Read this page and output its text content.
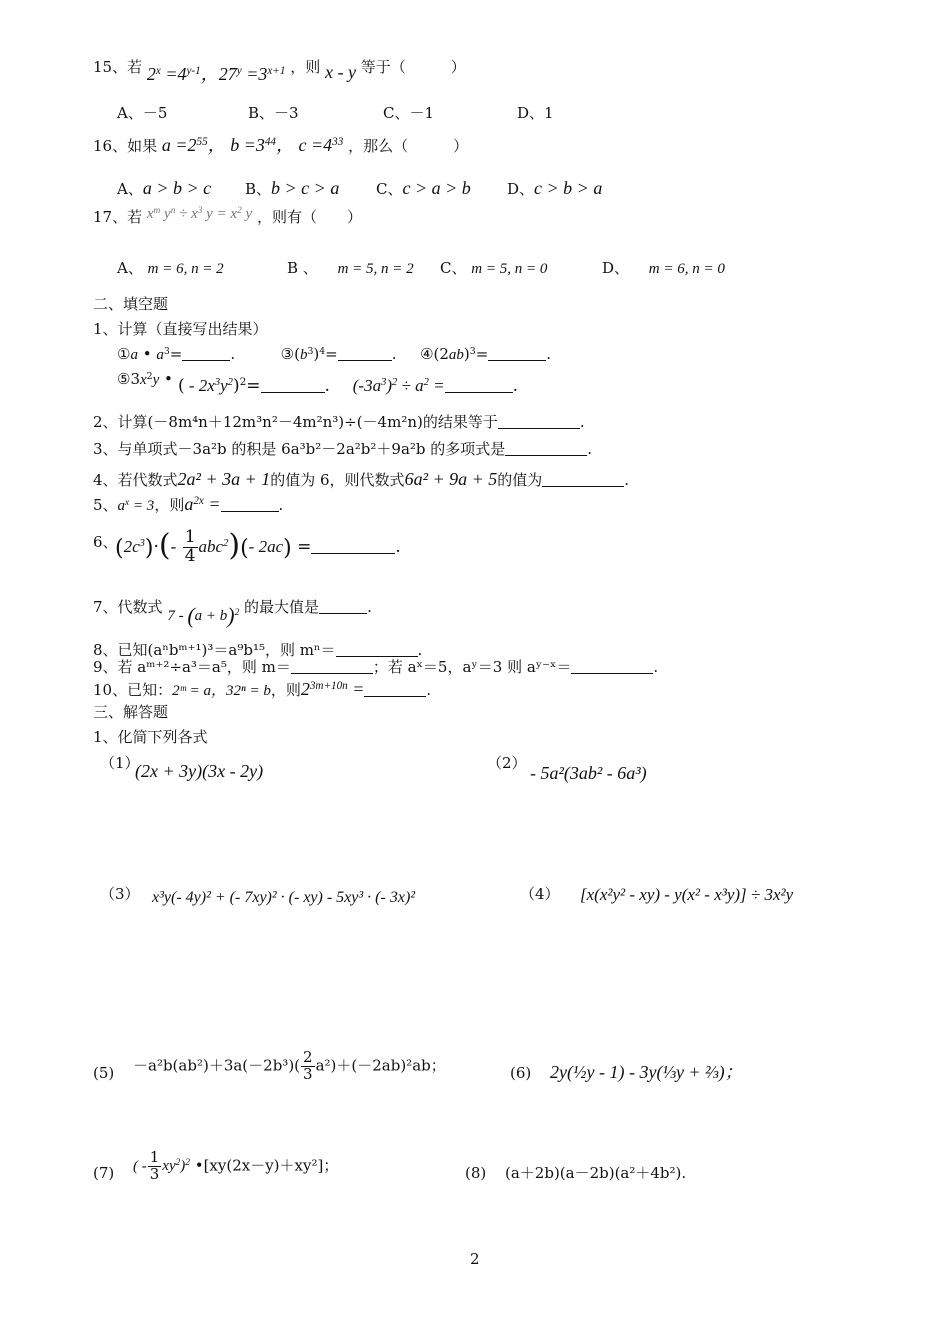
15、若 $2^x =4^{y-1}$，$27^y =3^{x+1}$ ，则 x - y 等于（　　　）
A、－5	B、－3	C、－1	D、1
16、如果 $a =2^{55}$， $b =3^{44}$， $c =4^{33}$ ，那么（　　　）
A、a > b > c B、b > c > a C、c > a > b D、c > b > a
17、若 $x^m$ $y^n \div x^3$ $y = x^2$ y ，则有（　　）
A、 m = 6, n = 2	B 、 　m = 5, n = 2 C、 m = 5, n = 0	D、 　m = 6, n = 0
二、填空题
1、计算（直接写出结果）
①a • $a^3=$	.  $③(b^3)^4=$	.  $④(2ab)^3=$	.
$⑤3x^2y$ • ( - $2x^3y^2)^2=$	.  $(-3a^3)^2 \div a^2$ =	.
2、计算(－8m⁴n＋12m³n²－4m²n³)÷(－4m²n)的结果等于	.
3、与单项式－3a²b 的积是 6a³b²－2a²b²＋9a²b 的多项式是	.
4、若代数式2a² + 3a + 1的值为 6，则代数式6a² + 9a + 5的值为	.
5、$a^x = 3$，则$a^{2x}$ =	.
6、
$(2c^3)\cdot(- \frac{1}{4} abc^2)(-$ 2ac) =	.
7、代数式 $7 - (a + b)^2$ 的最大值是	.
8、已知(aⁿbᵐ⁺¹)³＝a⁹b¹⁵，则 mⁿ＝	.
9、若 aᵐ⁺²÷a³＝a⁵，则 m＝	；若 aˣ＝5，aʸ＝3 则 aʸ⁻ˣ＝	.
10、已知：2ᵐ = a，32ⁿ = b，则$2^{3m+10n}$ =	.
三、解答题
1、化简下列各式
（1）
(2x + 3y)(3x - 2y)	（2） - 5a²(3ab² - 6a³)
（3） x³y(- 4y)² + (- 7xy)² · (- xy) - 5xy³ · (- 3x)²	（4） [x(x²y² - xy) - y(x² - x³y)] ÷ 3x²y
$(5) -a^2b(ab^2)+3a(-2b^3)( \frac{2}{3} a^2)+(-2ab)^2ab$；	(6) 2y(½y - 1) - 3y(⅓y + ⅔)；
(7) ( - $\frac{1}{3} xy^2)^2$ •[xy(2x－y)＋xy²]；	(8) (a＋2b)(a－2b)(a²＋4b²).
2
